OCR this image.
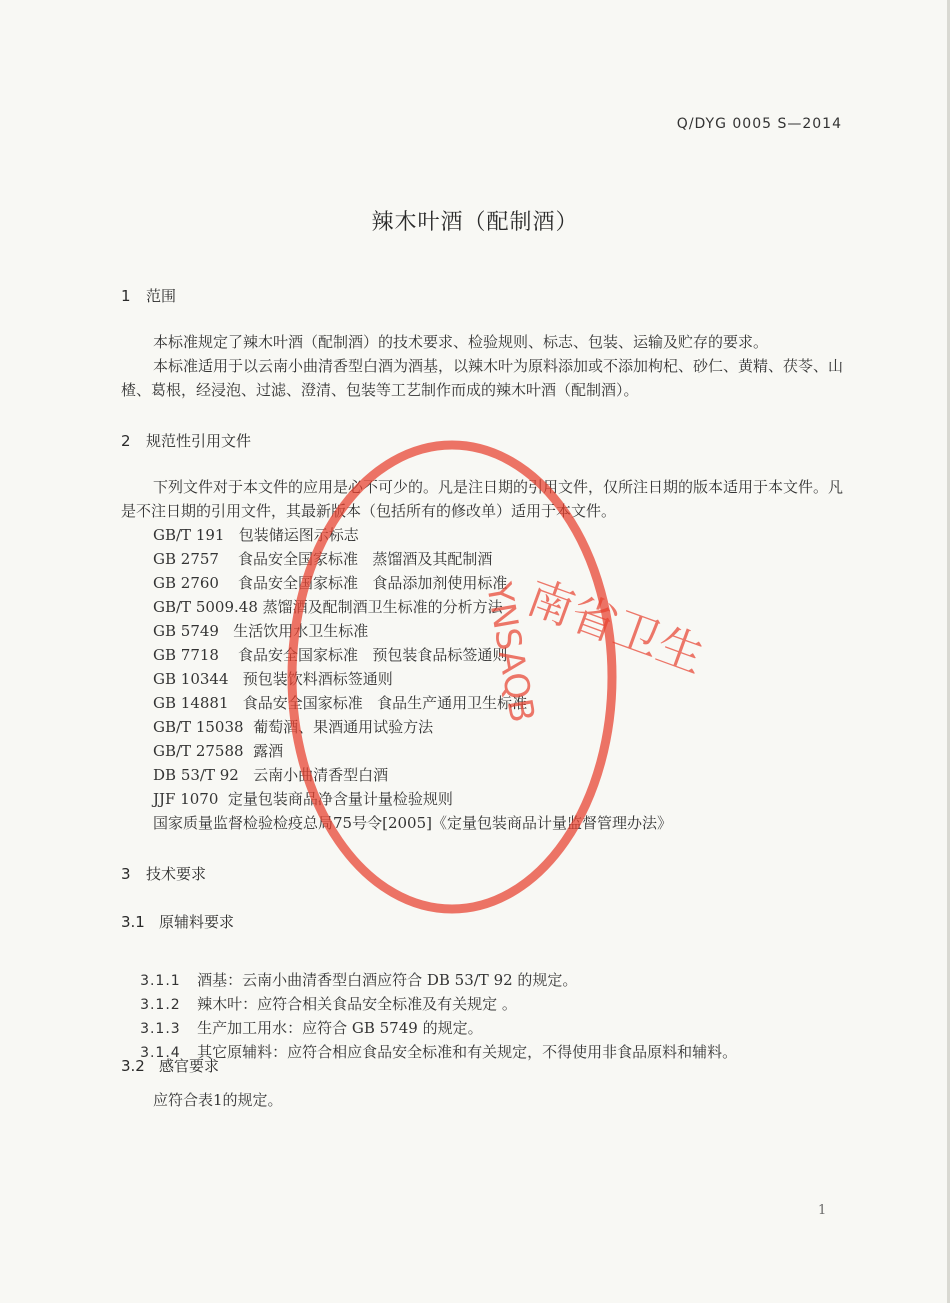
Q/DYG 0005 S—2014
辣木叶酒（配制酒）
1 范围
本标准规定了辣木叶酒（配制酒）的技术要求、检验规则、标志、包装、运输及贮存的要求。
本标准适用于以云南小曲清香型白酒为酒基，以辣木叶为原料添加或不添加枸杞、砂仁、黄精、茯苓、山楂、葛根，经浸泡、过滤、澄清、包装等工艺制作而成的辣木叶酒（配制酒）。
2 规范性引用文件
下列文件对于本文件的应用是必不可少的。凡是注日期的引用文件，仅所注日期的版本适用于本文件。凡是不注日期的引用文件，其最新版本（包括所有的修改单）适用于本文件。
GB/T 191   包装储运图示标志
GB 2757    食品安全国家标准   蒸馏酒及其配制酒
GB 2760    食品安全国家标准   食品添加剂使用标准
GB/T 5009.48 蒸馏酒及配制酒卫生标准的分析方法
GB 5749   生活饮用水卫生标准
GB 7718    食品安全国家标准   预包装食品标签通则
GB 10344   预包装饮料酒标签通则
GB 14881   食品安全国家标准   食品生产通用卫生标准
GB/T 15038  葡萄酒、果酒通用试验方法
GB/T 27588  露酒
DB 53/T 92   云南小曲清香型白酒
JJF 1070  定量包装商品净含量计量检验规则
国家质量监督检验检疫总局75号令[2005]《定量包装商品计量监督管理办法》
3 技术要求
3.1 原辅料要求

3.1.1 酒基：云南小曲清香型白酒应符合 DB 53/T 92 的规定。

3.1.2 辣木叶：应符合相关食品安全标准及有关规定 。

3.1.3 生产加工用水：应符合 GB 5749 的规定。

3.1.4 其它原辅料：应符合相应食品安全标准和有关规定，不得使用非食品原料和辅料。

3.2 感官要求
应符合表1的规定。
1
南省卫生
YNSAQB
